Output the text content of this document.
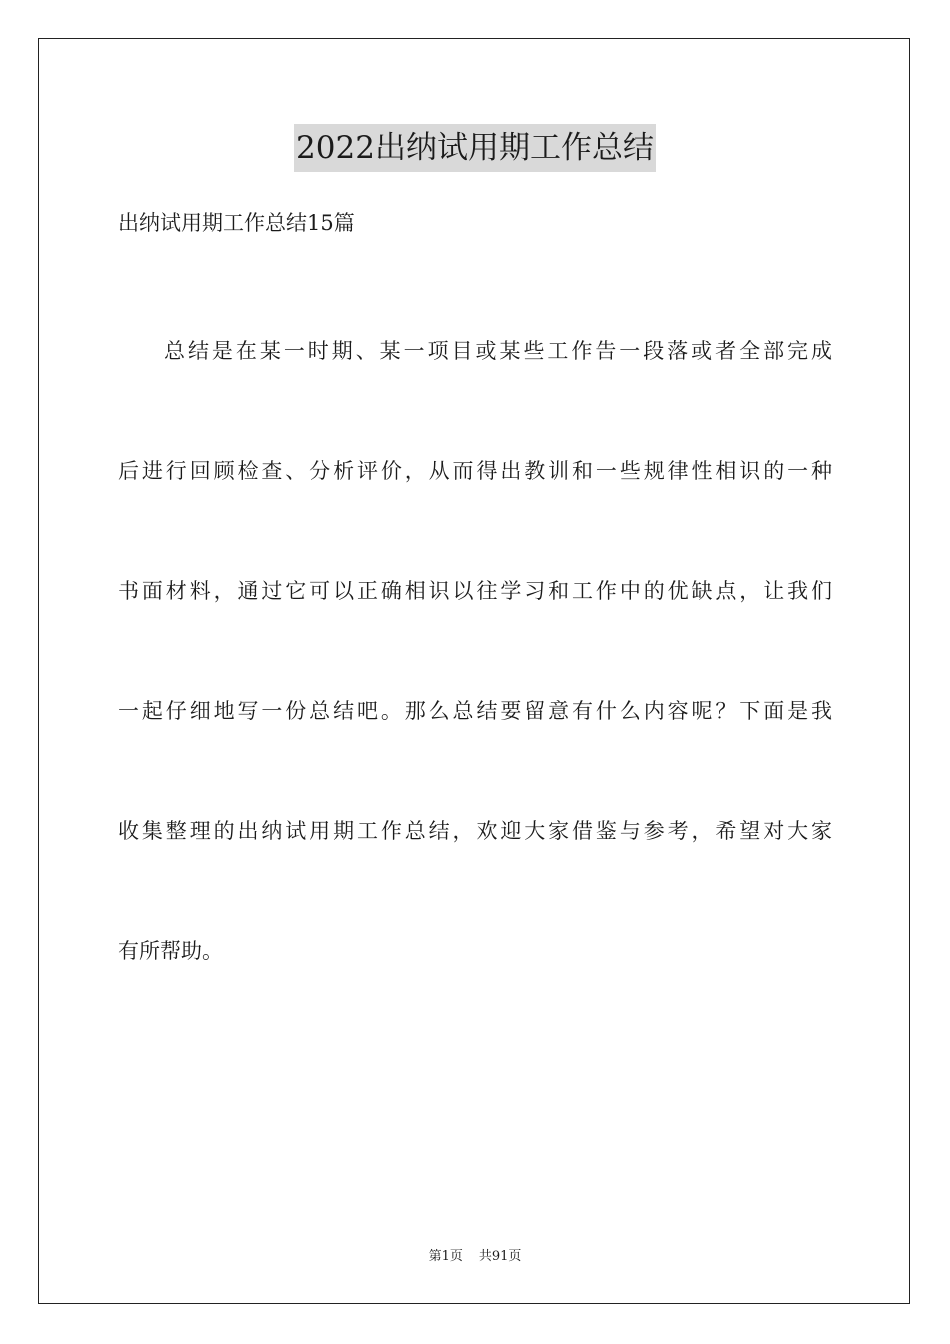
2022出纳试用期工作总结
出纳试用期工作总结15篇
总结是在某一时期、某一项目或某些工作告一段落或者全部完成
后进行回顾检查、分析评价，从而得出教训和一些规律性相识的一种
书面材料，通过它可以正确相识以往学习和工作中的优缺点，让我们
一起仔细地写一份总结吧。那么总结要留意有什么内容呢？下面是我
收集整理的出纳试用期工作总结，欢迎大家借鉴与参考，希望对大家
有所帮助。
第1页 共91页
